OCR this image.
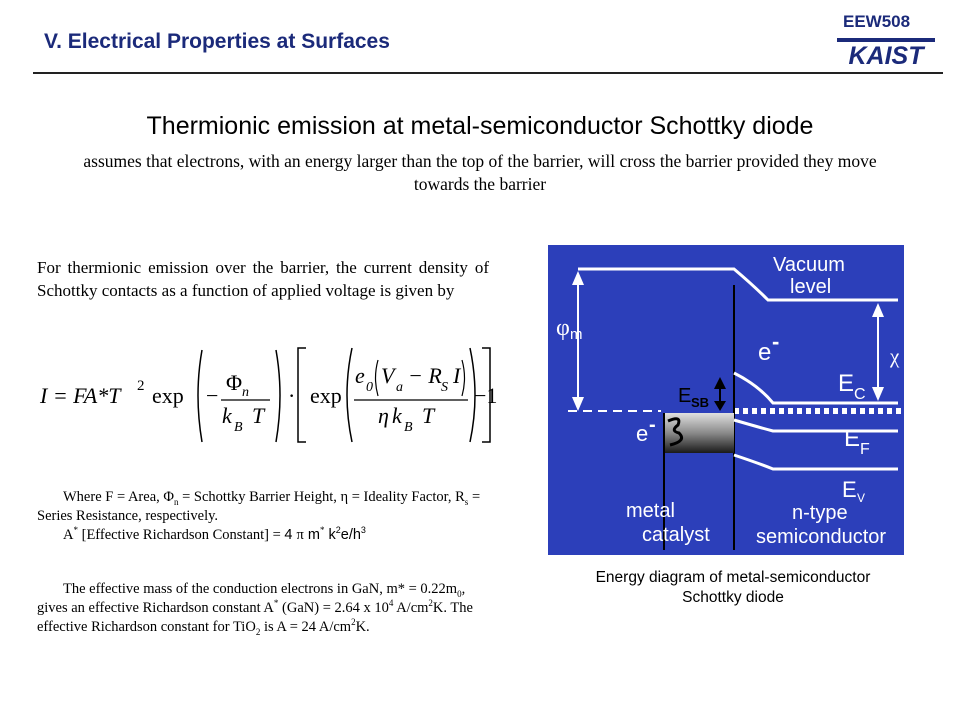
EEW508
KAIST
V. Electrical Properties at Surfaces
Thermionic emission at metal-semiconductor Schottky diode
assumes that electrons, with an energy larger than the top of the barrier, will cross the barrier provided they move towards the barrier
For thermionic emission over the barrier, the current density of Schottky contacts as a function of applied voltage is given by
I = FA*T 2 exp −
Φ n
k B T
· exp
e 0 V a − R S I
η k B T
−1

Where F = Area, $\Phi_n$ = Schottky Barrier Height, η = Ideality Factor, $R_s$ = Series Resistance, respectively.

A* [Effective Richardson Constant] = 4 π m* $k^2e/h^3$

The effective mass of the conduction electrons in GaN, $m* = 0.22m_0$, gives an effective Richardson constant A* (GaN) = 2.64 x $10^4$ $A/cm^2K$. The effective Richardson constant for TiO$_2$ is A = 24 $A/cm^2K$.

φ m
χ
Vacuum
level
e -
e -
E SB
E C
E F
E V
metal
catalyst
n-type
semiconductor
Energy diagram of metal-semiconductor Schottky diode
